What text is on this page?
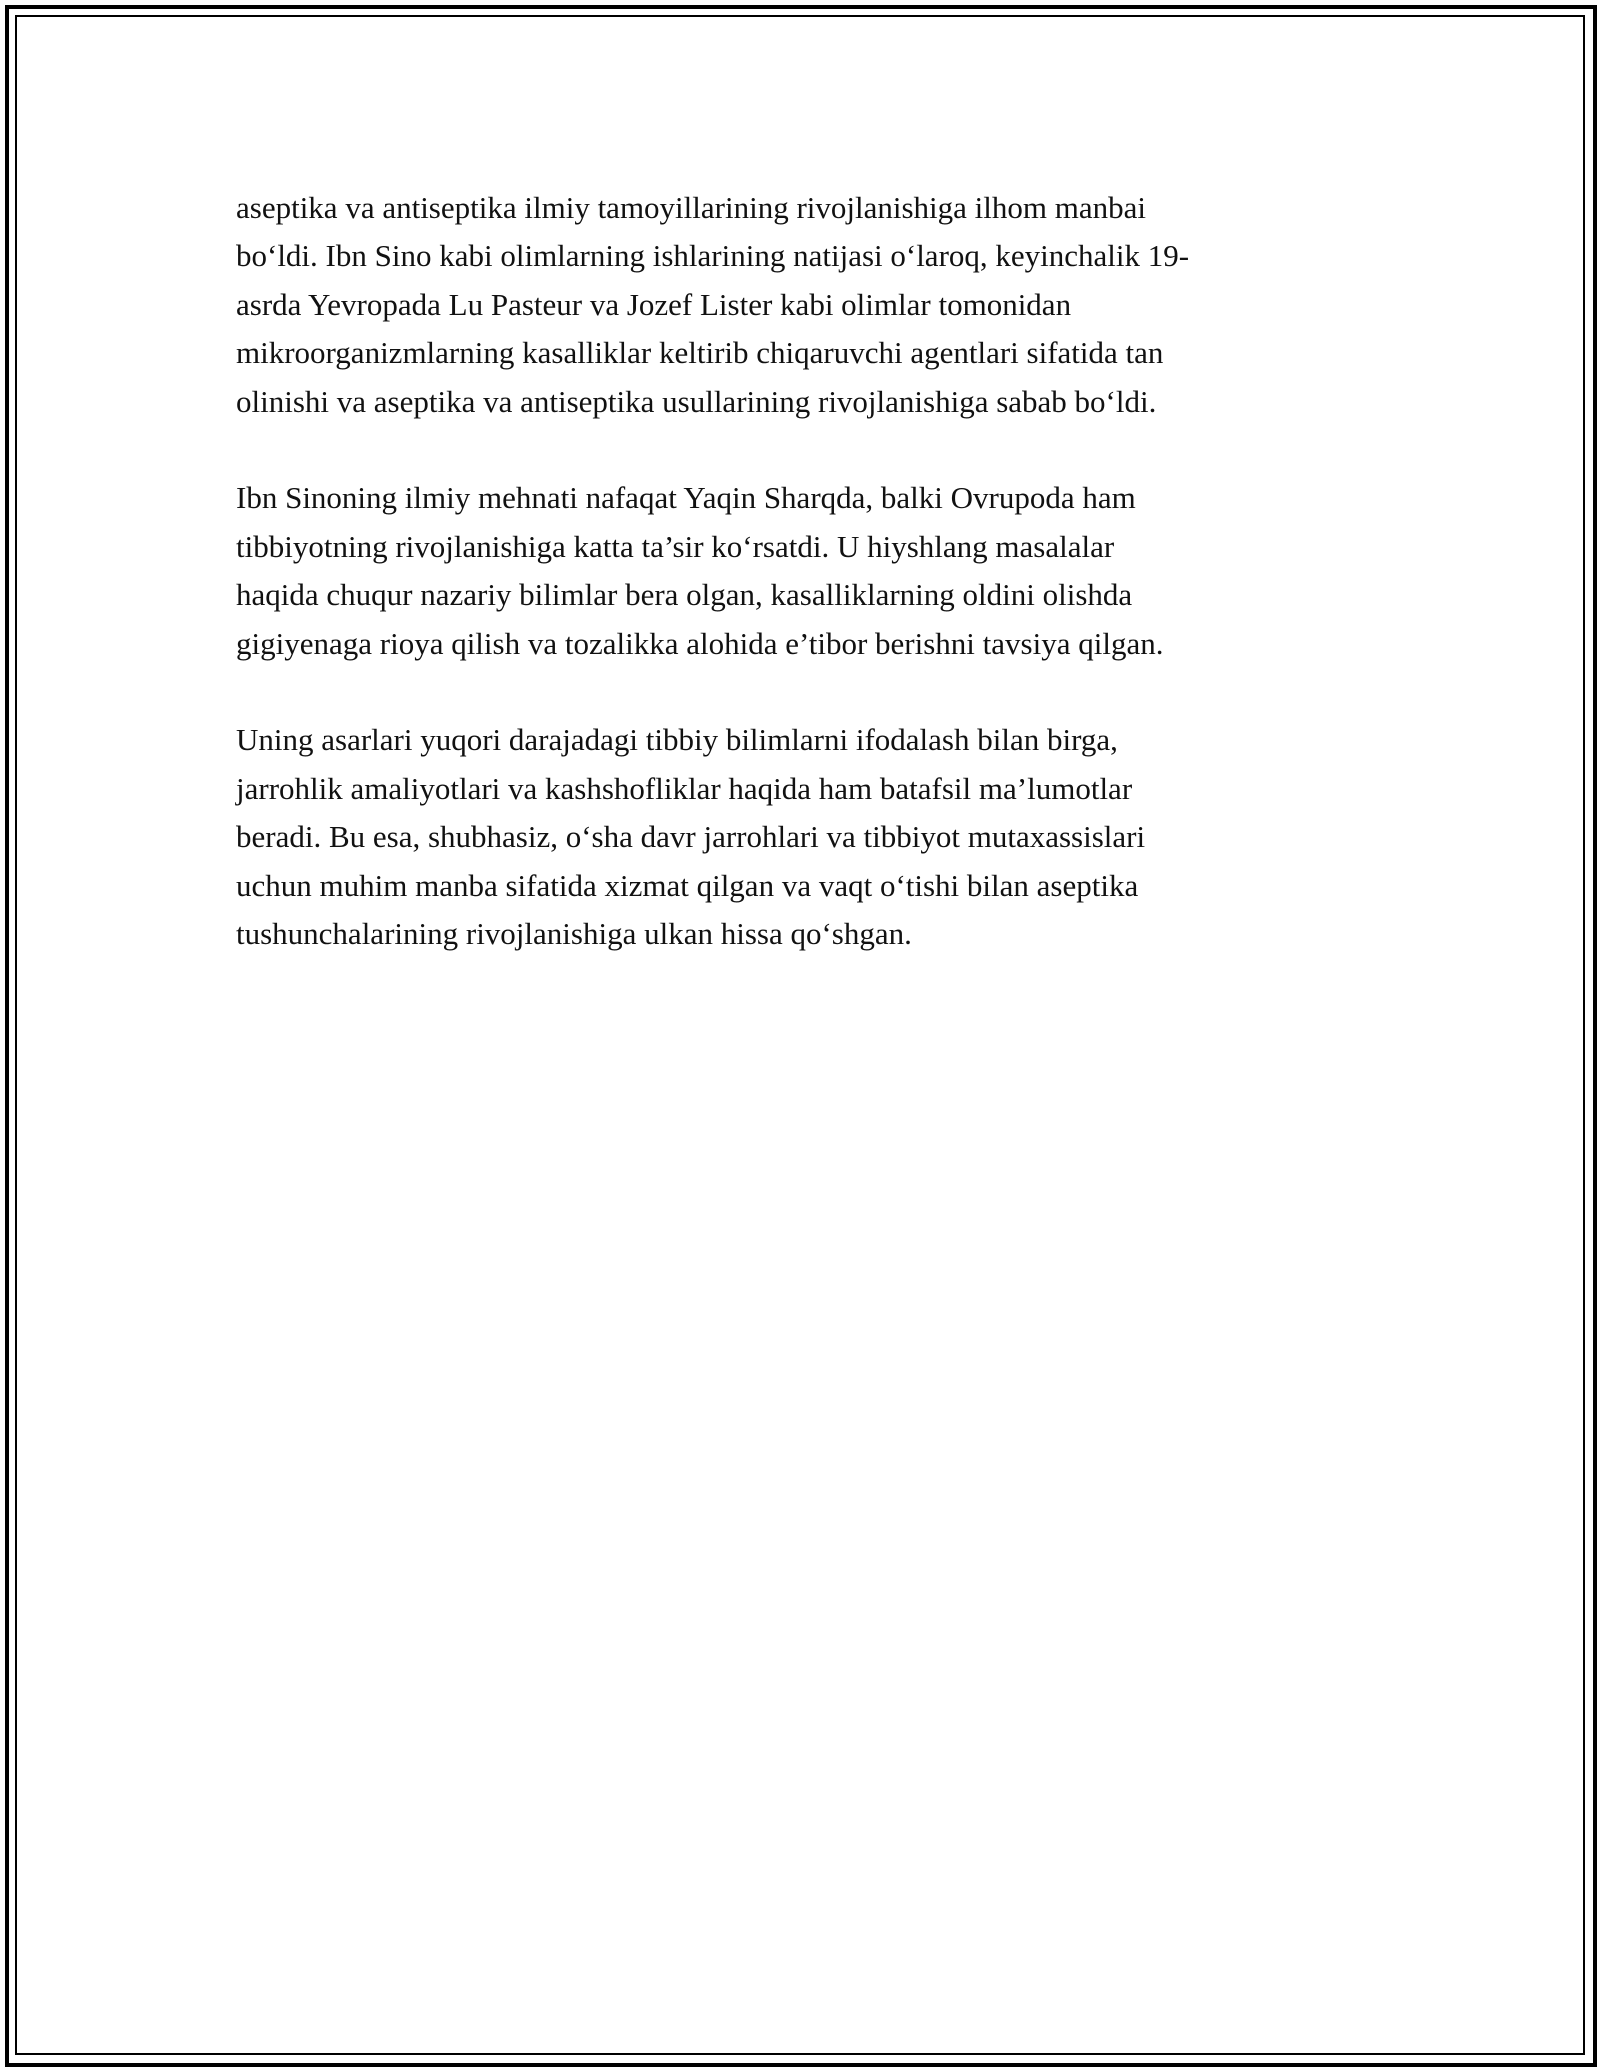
aseptika va antiseptika ilmiy tamoyillarining rivojlanishiga ilhom manbai
bo‘ldi. Ibn Sino kabi olimlarning ishlarining natijasi o‘laroq, keyinchalik 19-
asrda Yevropada Lu Pasteur va Jozef Lister kabi olimlar tomonidan
mikroorganizmlarning kasalliklar keltirib chiqaruvchi agentlari sifatida tan
olinishi va aseptika va antiseptika usullarining rivojlanishiga sabab bo‘ldi.

Ibn Sinoning ilmiy mehnati nafaqat Yaqin Sharqda, balki Ovrupoda ham
tibbiyotning rivojlanishiga katta ta’sir ko‘rsatdi. U hiyshlang masalalar
haqida chuqur nazariy bilimlar bera olgan, kasalliklarning oldini olishda
gigiyenaga rioya qilish va tozalikka alohida e’tibor berishni tavsiya qilgan.

Uning asarlari yuqori darajadagi tibbiy bilimlarni ifodalash bilan birga,
jarrohlik amaliyotlari va kashshofliklar haqida ham batafsil ma’lumotlar
beradi. Bu esa, shubhasiz, o‘sha davr jarrohlari va tibbiyot mutaxassislari
uchun muhim manba sifatida xizmat qilgan va vaqt o‘tishi bilan aseptika
tushunchalarining rivojlanishiga ulkan hissa qo‘shgan.
